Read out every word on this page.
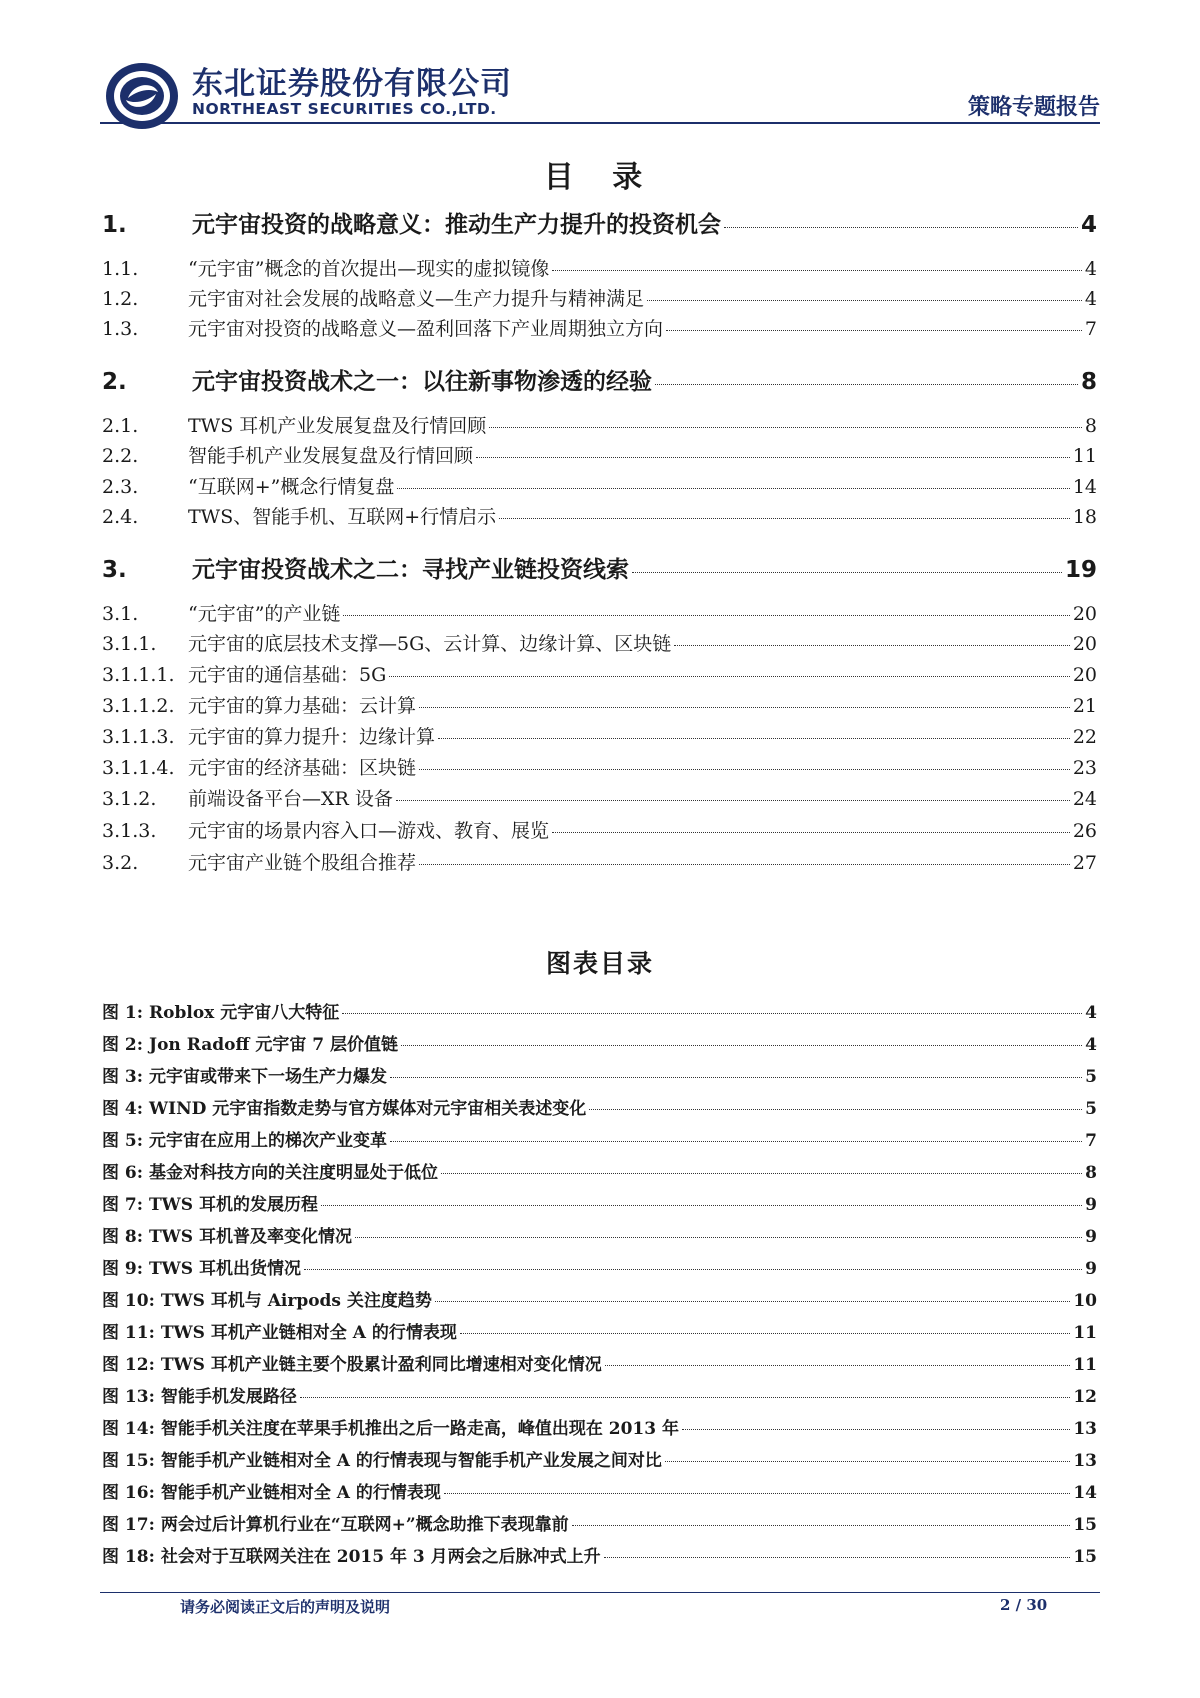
东北证券股份有限公司
NORTHEAST SECURITIES CO.,LTD.	策略专题报告
目 录
1.	元宇宙投资的战略意义：推动生产力提升的投资机会	4
1.1.	“元宇宙”概念的首次提出—现实的虚拟镜像	4
1.2.	元宇宙对社会发展的战略意义—生产力提升与精神满足	4
1.3.	元宇宙对投资的战略意义—盈利回落下产业周期独立方向	7
2.	元宇宙投资战术之一：以往新事物渗透的经验	8
2.1.	TWS 耳机产业发展复盘及行情回顾	8
2.2.	智能手机产业发展复盘及行情回顾	11
2.3.	“互联网+”概念行情复盘	14
2.4.	TWS、智能手机、互联网+行情启示	18
3.	元宇宙投资战术之二：寻找产业链投资线索	19
3.1.	“元宇宙”的产业链	20
3.1.1.	元宇宙的底层技术支撑—5G、云计算、边缘计算、区块链	20
3.1.1.1. 元宇宙的通信基础：5G	20
3.1.1.2. 元宇宙的算力基础：云计算	21
3.1.1.3. 元宇宙的算力提升：边缘计算	22
3.1.1.4. 元宇宙的经济基础：区块链	23
3.1.2.	前端设备平台—XR 设备	24
3.1.3.	元宇宙的场景内容入口—游戏、教育、展览	26
3.2.	元宇宙产业链个股组合推荐	27
图表目录
图 1: Roblox 元宇宙八大特征	4
图 2: Jon Radoff 元宇宙 7 层价值链	4
图 3: 元宇宙或带来下一场生产力爆发	5
图 4: WIND 元宇宙指数走势与官方媒体对元宇宙相关表述变化	5
图 5: 元宇宙在应用上的梯次产业变革	7
图 6: 基金对科技方向的关注度明显处于低位	8
图 7: TWS 耳机的发展历程	9
图 8: TWS 耳机普及率变化情况	9
图 9: TWS 耳机出货情况	9
图 10: TWS 耳机与 Airpods 关注度趋势	10
图 11: TWS 耳机产业链相对全 A 的行情表现	11
图 12: TWS 耳机产业链主要个股累计盈利同比增速相对变化情况	11
图 13: 智能手机发展路径	12
图 14: 智能手机关注度在苹果手机推出之后一路走高，峰值出现在 2013 年	13
图 15: 智能手机产业链相对全 A 的行情表现与智能手机产业发展之间对比	13
图 16: 智能手机产业链相对全 A 的行情表现	14
图 17: 两会过后计算机行业在“互联网+”概念助推下表现靠前	15
图 18: 社会对于互联网关注在 2015 年 3 月两会之后脉冲式上升	15
请务必阅读正文后的声明及说明	2 / 30
